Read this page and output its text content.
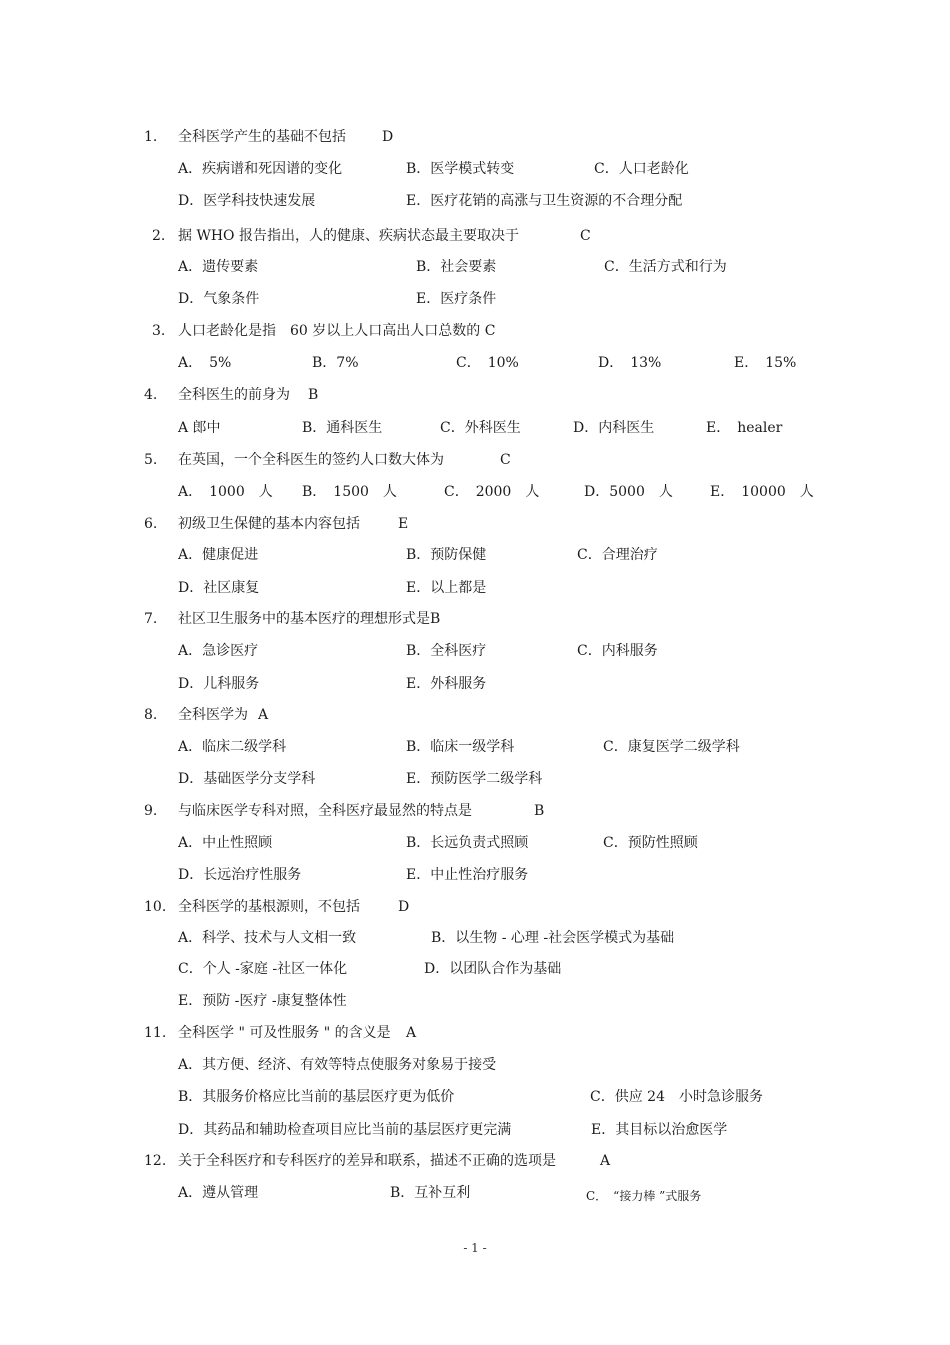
1.	全科医学产生的基础不包括	D
A．疾病谱和死因谱的变化	B．医学模式转变	C．人口老龄化
D．医学科技快速发展	E．医疗花销的高涨与卫生资源的不合理分配
2. 据 WHO 报告指出，人的健康、疾病状态最主要取决于	C
A．遗传要素	B．社会要素	C．生活方式和行为
D．气象条件	E．医疗条件
3. 人口老龄化是指　60 岁以上人口高出人口总数的 C
A．　5%	B．7%	C．　10%	D．　13%	E．　15%
4.	全科医生的前身为 B
A 郎中	B．通科医生	C．外科医生	D．内科医生	E．　healer
5.	在英国，一个全科医生的签约人口数大体为	C
A．　1000　人 B．　1500　人	C．　2000　人	D．5000　人	E．　10000　人
6.	初级卫生保健的基本内容包括	E
A．健康促进	B．预防保健	C．合理治疗
D．社区康复	E．以上都是
7.	社区卫生服务中的基本医疗的理想形式是B
A．急诊医疗	B．全科医疗	C．内科服务
D．儿科服务	E．外科服务
8.	全科医学为 A
A．临床二级学科	B．临床一级学科	C．康复医学二级学科
D．基础医学分支学科	E．预防医学二级学科
9.	与临床医学专科对照，全科医疗最显然的特点是	B
A．中止性照顾	B．长远负责式照顾	C．预防性照顾
D．长远治疗性服务	E．中止性治疗服务
10. 全科医学的基根源则，不包括	D
A．科学、技术与人文相一致	B．以生物 - 心理 -社会医学模式为基础
C．个人 -家庭 -社区一体化	D．以团队合作为基础
E．预防 -医疗 -康复整体性
11. 全科医学 " 可及性服务 " 的含义是 A
A．其方便、经济、有效等特点使服务对象易于接受
B．其服务价格应比当前的基层医疗更为低价	C．供应 24　小时急诊服务
D．其药品和辅助检查项目应比当前的基层医疗更完满	E．其目标以治愈医学
12. 关于全科医疗和专科医疗的差异和联系，描述不正确的选项是	A
A．遵从管理	B．互补互利	C．　“接力棒 ”式服务
- 1 -
